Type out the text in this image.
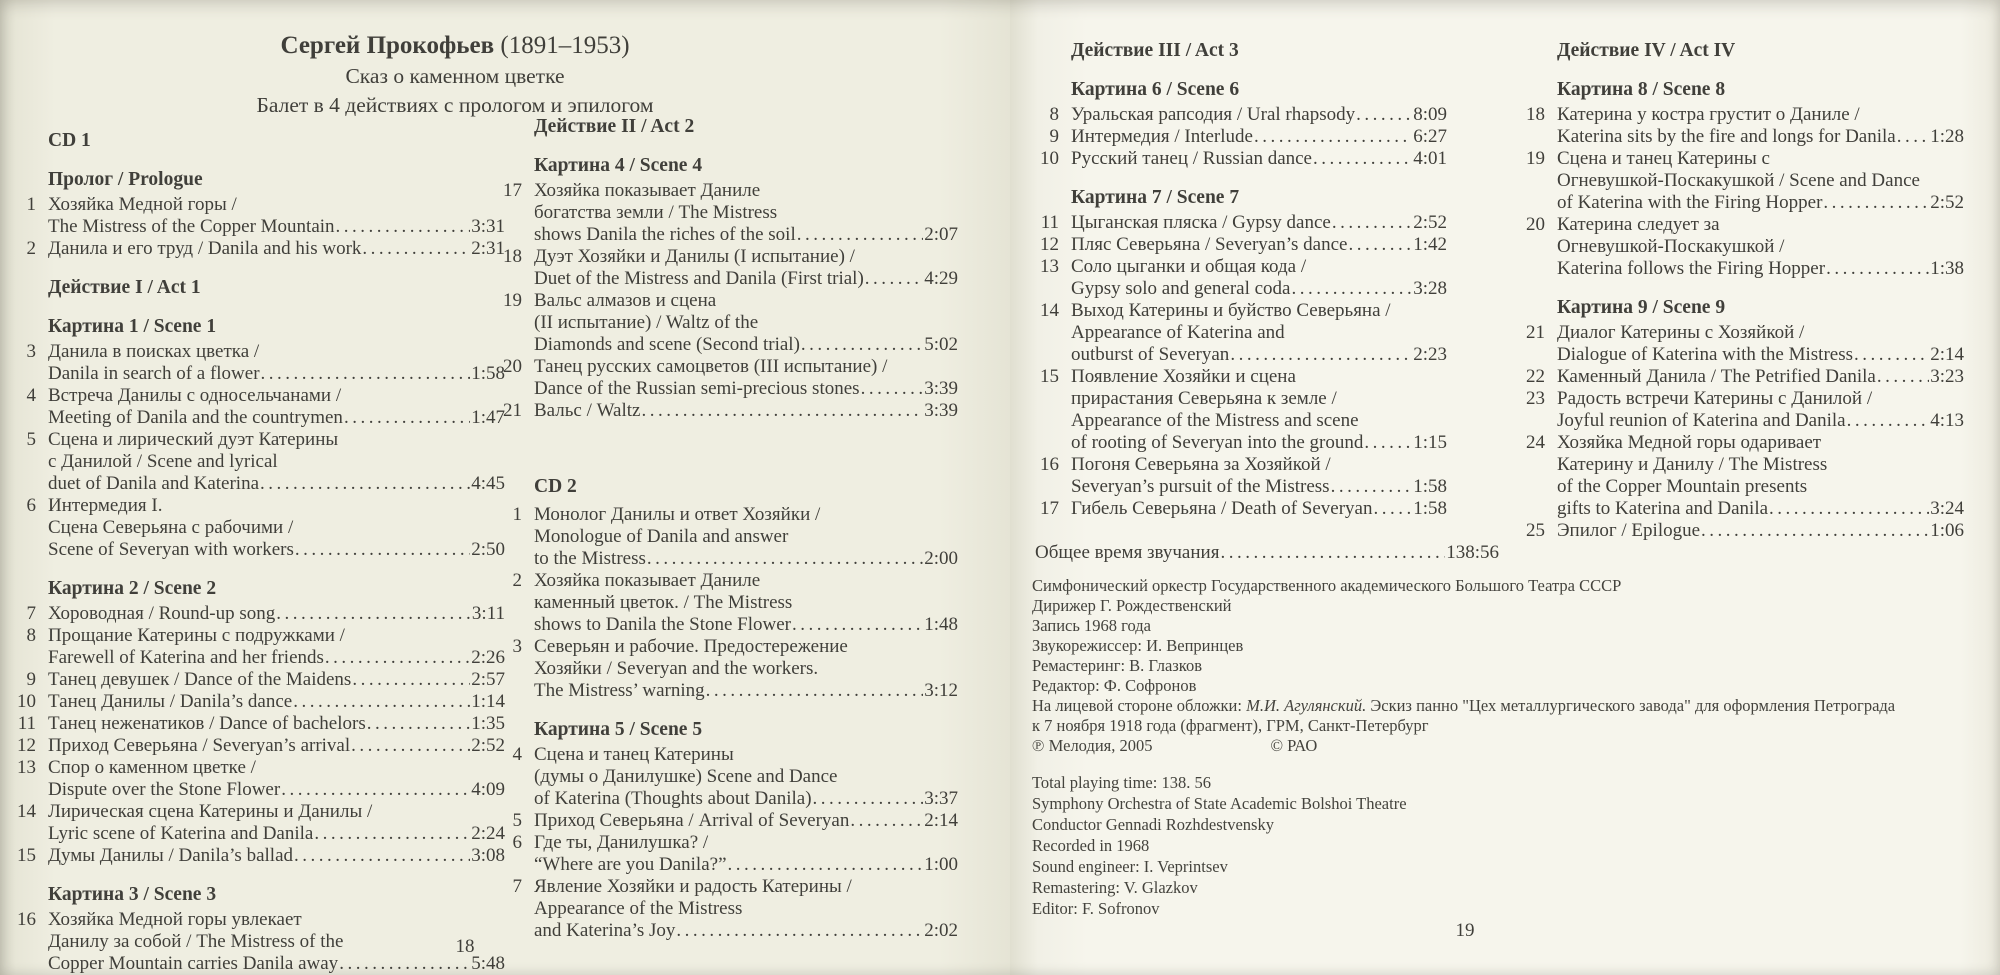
Сергей Прокофьев (1891–1953)
Сказ о каменном цветке
Балет в 4 действиях с прологом и эпилогом
CD 1
Пролог / Prologue
1 Хозяйка Медной горы /
The Mistress of the Copper Mountain .....	3:31
2 Данила и его труд / Danila and his work .....	2:31
Действие I / Act 1
Картина 1 / Scene 1
3 Данила в поисках цветка /
Danila in search of a flower .....	1:58
4 Встреча Данилы с односельчанами /
Meeting of Danila and the countrymen .....	1:47
5 Сцена и лирический дуэт Катерины
с Данилой / Scene and lyrical
duet of Danila and Katerina .....	4:45
6 Интермедия I.
Сцена Северьяна с рабочими /
Scene of Severyan with workers .....	2:50
Картина 2 / Scene 2
7 Хороводная / Round-up song .....	3:11
8 Прощание Катерины с подружками /
Farewell of Katerina and her friends .....	2:26
9 Танец девушек / Dance of the Maidens .....	2:57
10 Танец Данилы / Danila’s dance .....	1:14
11 Танец неженатиков / Dance of bachelors .....	1:35
12 Приход Северьяна / Severyan’s arrival .....	2:52
13 Спор о каменном цветке /
Dispute over the Stone Flower .....	4:09
14 Лирическая сцена Катерины и Данилы /
Lyric scene of Katerina and Danila .....	2:24
15 Думы Данилы / Danila’s ballad .....	3:08
Картина 3 / Scene 3
16 Хозяйка Медной горы увлекает
Данилу за собой / The Mistress of the
Copper Mountain carries Danila away .....	5:48
Действие II / Act 2
Картина 4 / Scene 4
17 Хозяйка показывает Даниле
богатства земли / The Mistress
shows Danila the riches of the soil .....	2:07
18 Дуэт Хозяйки и Данилы (I испытание) /
Duet of the Mistress and Danila (First trial) .....	4:29
19 Вальс алмазов и сцена
(II испытание) / Waltz of the
Diamonds and scene (Second trial) .....	5:02
20 Танец русских самоцветов (III испытание) /
Dance of the Russian semi-precious stones .....	3:39
21 Вальс / Waltz .....	3:39
CD 2
1 Монолог Данилы и ответ Хозяйки /
Monologue of Danila and answer
to the Mistress .....	2:00
2 Хозяйка показывает Даниле
каменный цветок. / The Mistress
shows to Danila the Stone Flower .....	1:48
3 Северьян и рабочие. Предостережение
Хозяйки / Severyan and the workers.
The Mistress’ warning .....	3:12
Картина 5 / Scene 5
4 Сцена и танец Катерины
(думы о Данилушке) Scene and Dance
of Katerina (Thoughts about Danila) .....	3:37
5 Приход Северьяна / Arrival of Severyan .....	2:14
6 Где ты, Данилушка? /
“Where are you Danila?” .....	1:00
7 Явление Хозяйки и радость Катерины /
Appearance of the Mistress
and Katerina’s Joy .....	2:02
18
Действие III / Act 3
Картина 6 / Scene 6
8 Уральская рапсодия / Ural rhapsody .....	8:09
9 Интермедия / Interlude .....	6:27
10 Русский танец / Russian dance .....	4:01
Картина 7 / Scene 7
11 Цыганская пляска / Gypsy dance .....	2:52
12 Пляс Северьяна / Severyan’s dance .....	1:42
13 Соло цыганки и общая кода /
Gypsy solo and general coda .....	3:28
14 Выход Катерины и буйство Северьяна /
Appearance of Katerina and
outburst of Severyan .....	2:23
15 Появление Хозяйки и сцена
прирастания Северьяна к земле /
Appearance of the Mistress and scene
of rooting of Severyan into the ground .....	1:15
16 Погоня Северьяна за Хозяйкой /
Severyan’s pursuit of the Mistress .....	1:58
17 Гибель Северьяна / Death of Severyan ..... 1:58
Действие IV / Act IV
Картина 8 / Scene 8
18 Катерина у костра грустит о Даниле /
Katerina sits by the fire and longs for Danila ..... 1:28
19 Сцена и танец Катерины с
Огневушкой-Поскакушкой / Scene and Dance
of Katerina with the Firing Hopper .....	2:52
20 Катерина следует за
Огневушкой-Поскакушкой /
Katerina follows the Firing Hopper .....	1:38
Картина 9 / Scene 9
21 Диалог Катерины с Хозяйкой /
Dialogue of Katerina with the Mistress .....	2:14
22 Каменный Данила / The Petrified Danila .....	3:23
23 Радость встречи Катерины с Данилой /
Joyful reunion of Katerina and Danila .....	4:13
24 Хозяйка Медной горы одаривает
Катерину и Данилу / The Mistress
of the Copper Mountain presents
gifts to Katerina and Danila .....	3:24
25 Эпилог / Epilogue .....	1:06
Общее время звучания .....	138:56
Симфонический оркестр Государственного академического Большого Театра СССР
Дирижер Г. Рождественский
Запись 1968 года
Звукорежиссер: И. Вепринцев
Ремастеринг: В. Глазков
Редактор: Ф. Софронов
На лицевой стороне обложки: М.И. Агулянский. Эскиз панно "Цех металлургического завода" для оформления Петрограда
к 7 ноября 1918 года (фрагмент), ГРМ, Санкт-Петербург
℗ Мелодия, 2005	© РАО
Total playing time: 138. 56
Symphony Orchestra of State Academic Bolshoi Theatre
Conductor Gennadi Rozhdestvensky
Recorded in 1968
Sound engineer: I. Veprintsev
Remastering: V. Glazkov
Editor: F. Sofronov
19
